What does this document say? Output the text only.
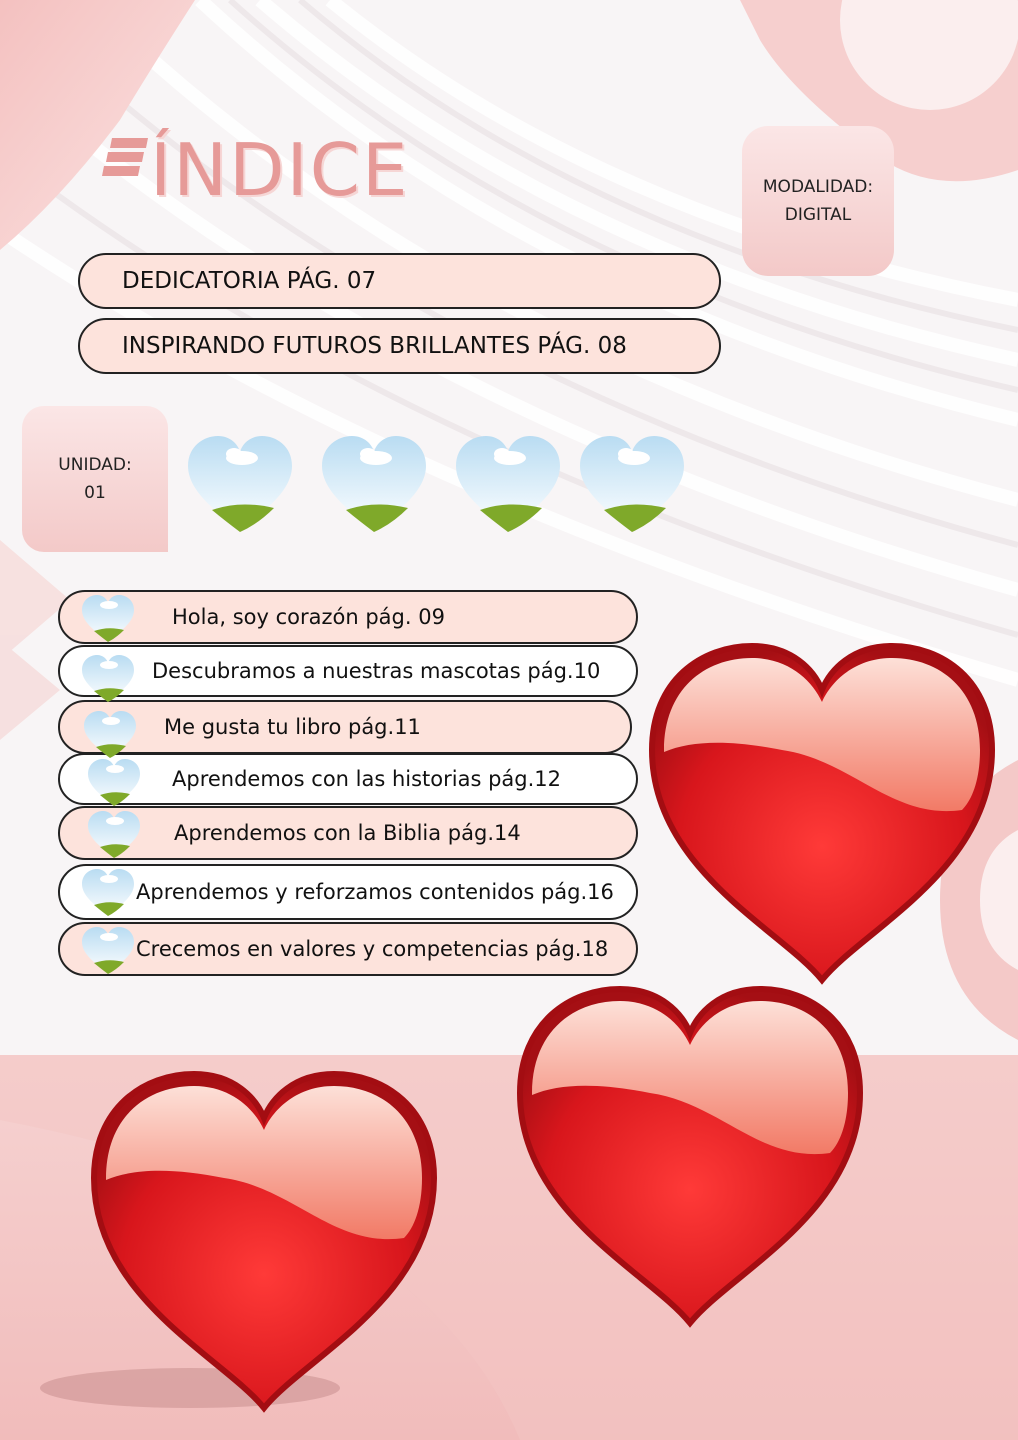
ÍNDICE	MODALIDAD:
DIGITAL
DEDICATORIA PÁG. 07
INSPIRANDO FUTUROS BRILLANTES PÁG. 08
UNIDAD:
01
Hola, soy corazón pág. 09
Descubramos a nuestras mascotas pág.10
Me gusta tu libro pág.11
Aprendemos con las historias pág.12
Aprendemos con la Biblia pág.14
Aprendemos y reforzamos contenidos pág.16
Crecemos en valores y competencias pág.18
